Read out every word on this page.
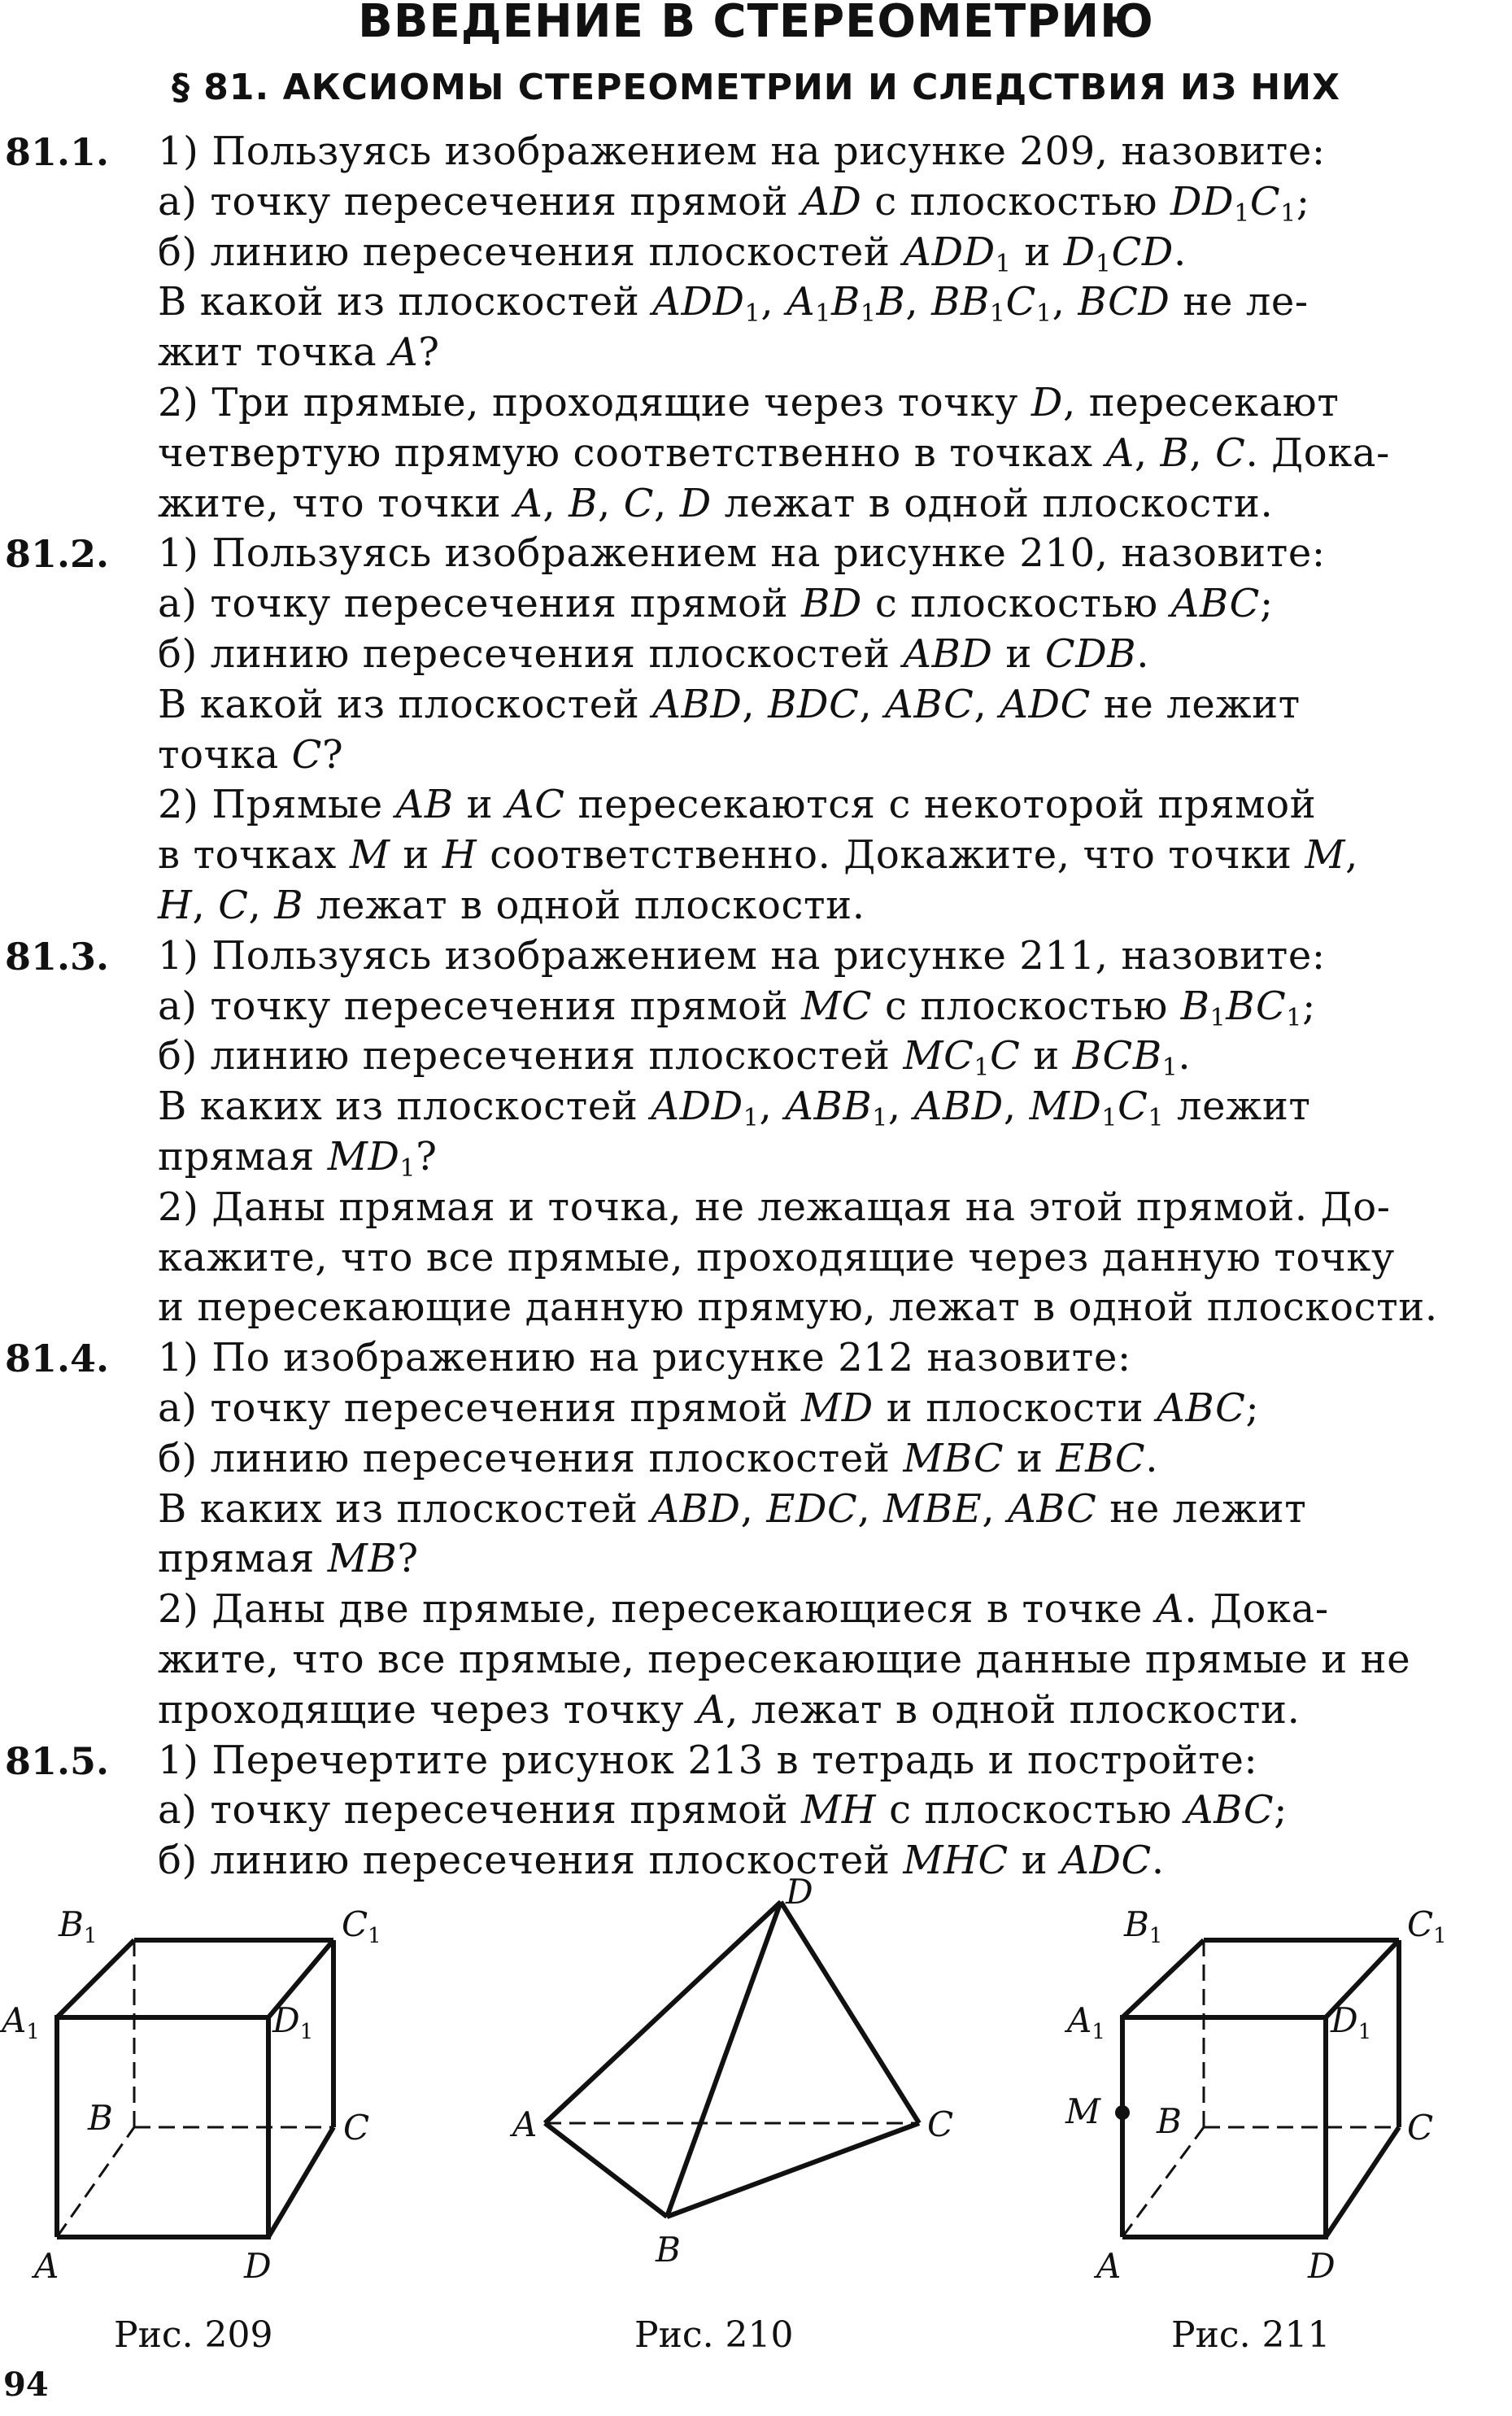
ВВЕДЕНИЕ В СТЕРЕОМЕТРИЮ
§ 81. АКСИОМЫ СТЕРЕОМЕТРИИ И СЛЕДСТВИЯ ИЗ НИХ
81.1. 1) Пользуясь изображением на рисунке 209, назовите:
а) точку пересечения прямой AD с плоскостью $DD_1C_1$;
б) линию пересечения плоскостей $ADD_1$ и $D_1CD$.
В какой из плоскостей $ADD_1$, $A_1B_1B$, $BB_1C_1$, BCD не ле-
жит точка A?
2) Три прямые, проходящие через точку D, пересекают
четвертую прямую соответственно в точках A, B, C. Дока-
жите, что точки A, B, C, D лежат в одной плоскости.
81.2. 1) Пользуясь изображением на рисунке 210, назовите:
а) точку пересечения прямой BD с плоскостью ABC;
б) линию пересечения плоскостей ABD и CDB.
В какой из плоскостей ABD, BDC, ABC, ADC не лежит
точка C?
2) Прямые AB и AC пересекаются с некоторой прямой
в точках M и H соответственно. Докажите, что точки M,
H, C, B лежат в одной плоскости.
81.3. 1) Пользуясь изображением на рисунке 211, назовите:
а) точку пересечения прямой MC с плоскостью $B_1BC_1$;
б) линию пересечения плоскостей $MC_1C$ и $BCB_1$.
В каких из плоскостей $ADD_1$, $ABB_1$, ABD, $MD_1C_1$ лежит
прямая $MD_1$?
2) Даны прямая и точка, не лежащая на этой прямой. До-
кажите, что все прямые, проходящие через данную точку
и пересекающие данную прямую, лежат в одной плоскости.
81.4. 1) По изображению на рисунке 212 назовите:
а) точку пересечения прямой MD и плоскости ABC;
б) линию пересечения плоскостей MBC и EBC.
В каких из плоскостей ABD, EDC, MBE, ABC не лежит
прямая MB?
2) Даны две прямые, пересекающиеся в точке A. Дока-
жите, что все прямые, пересекающие данные прямые и не
проходящие через точку A, лежат в одной плоскости.
81.5. 1) Перечертите рисунок 213 в тетрадь и постройте:
а) точку пересечения прямой MH с плоскостью ABC;
б) линию пересечения плоскостей MHC и ADC.
B1	C1
A1	D1
B	C
A	D
Рис. 209
D
A	C
B
Рис. 210
B1	C1
A1	D1
M B	C
A	D
Рис. 211
94
